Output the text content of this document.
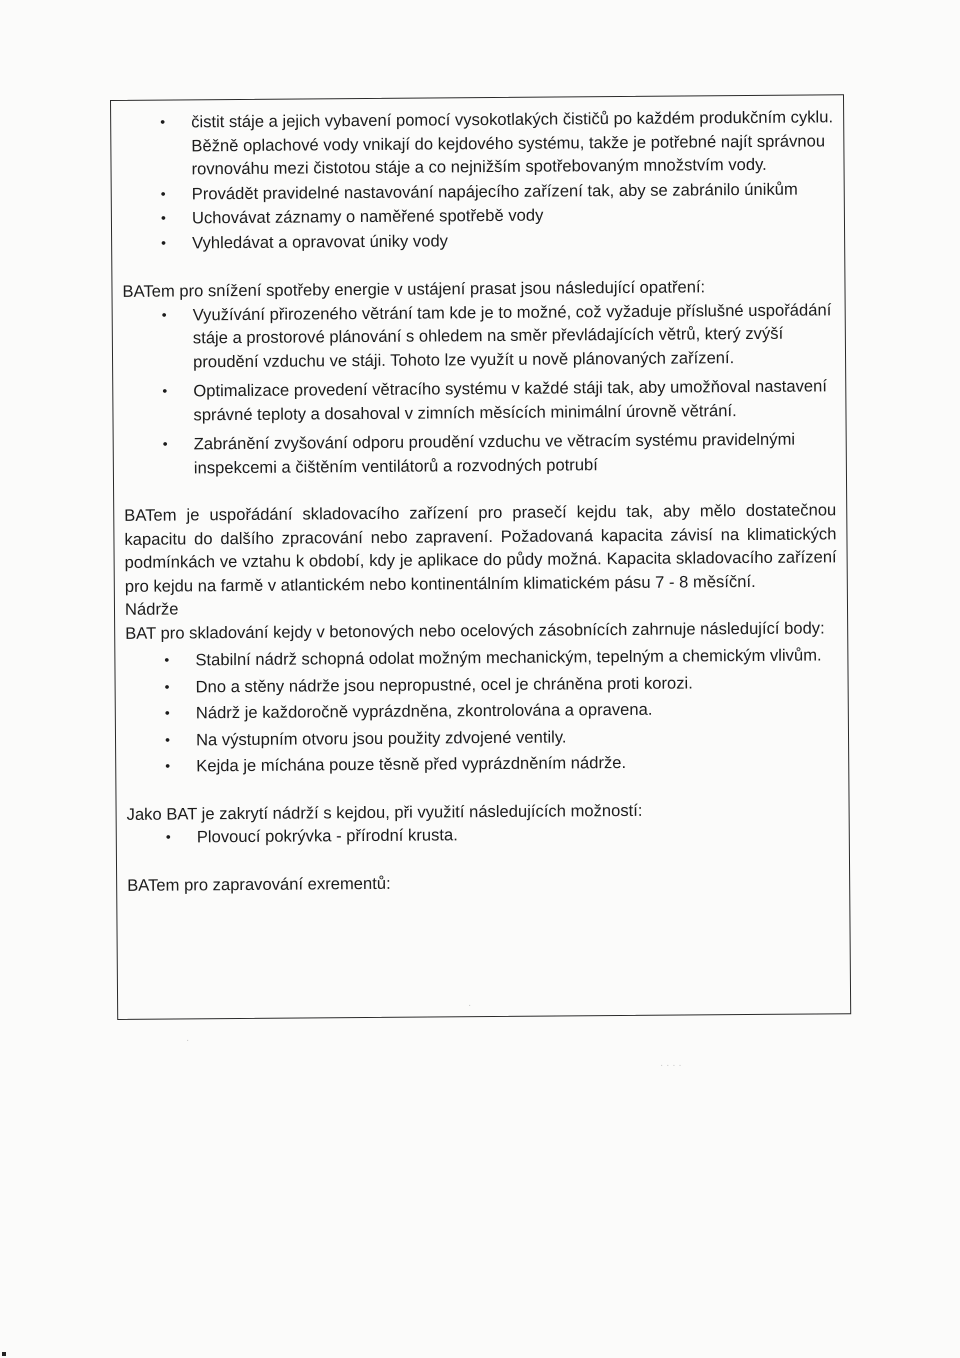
• čistit stáje a jejich vybavení pomocí vysokotlakých čističů po každém produkčním cyklu. Běžně oplachové vody vnikají do kejdového systému, takže je potřebné najít správnou rovnováhu mezi čistotou stáje a co nejnižším spotřebovaným množstvím vody.
• Provádět pravidelné nastavování napájecího zařízení tak, aby se zabránilo únikům
• Uchovávat záznamy o naměřené spotřebě vody
• Vyhledávat a opravovat úniky vody

BATem pro snížení spotřeby energie v ustájení prasat jsou následující opatření:

• Využívání přirozeného větrání tam kde je to možné, což vyžaduje příslušné uspořádání stáje a prostorové plánování s ohledem na směr převládajících větrů, který zvýší proudění vzduchu ve stáji. Tohoto lze využít u nově plánovaných zařízení.
• Optimalizace provedení větracího systému v každé stáji tak, aby umožňoval nastavení správné teploty a dosahoval v zimních měsících minimální úrovně větrání.
• Zabránění zvyšování odporu proudění vzduchu ve větracím systému pravidelnými inspekcemi a čištěním ventilátorů a rozvodných potrubí

BATem je uspořádání skladovacího zařízení pro prasečí kejdu tak, aby mělo dostatečnou kapacitu do dalšího zpracování nebo zapravení. Požadovaná kapacita závisí na klimatických podmínkách ve vztahu k období, kdy je aplikace do půdy možná. Kapacita skladovacího zařízení pro kejdu na farmě v atlantickém nebo kontinentálním klimatickém pásu 7 - 8 měsíční.

Nádrže

BAT pro skladování kejdy v betonových nebo ocelových zásobnících zahrnuje následující body:

• Stabilní nádrž schopná odolat možným mechanickým, tepelným a chemickým vlivům.
• Dno a stěny nádrže jsou nepropustné, ocel je chráněna proti korozi.
• Nádrž je každoročně vyprázdněna, zkontrolována a opravena.
• Na výstupním otvoru jsou použity zdvojené ventily.
• Kejda je míchána pouze těsně před vyprázdněním nádrže.

Jako BAT je zakrytí nádrží s kejdou, při využití následujících možností:

• Plovoucí pokrývka - přírodní krusta.

BATem pro zapravování exrementů:

·
·
· · · ·
